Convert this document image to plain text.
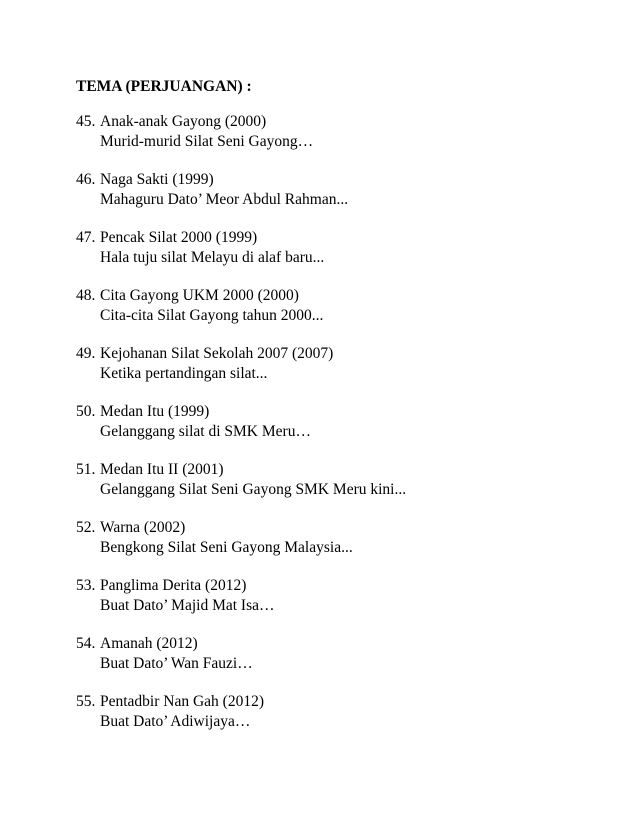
TEMA (PERJUANGAN) :
45. Anak-anak Gayong (2000)
Murid-murid Silat Seni Gayong…
46. Naga Sakti (1999)
Mahaguru Dato’ Meor Abdul Rahman...
47. Pencak Silat 2000 (1999)
Hala tuju silat Melayu di alaf baru...
48. Cita Gayong UKM 2000 (2000)
Cita-cita Silat Gayong tahun 2000...
49. Kejohanan Silat Sekolah 2007 (2007)
Ketika pertandingan silat...
50. Medan Itu (1999)
Gelanggang silat di SMK Meru…
51. Medan Itu II (2001)
Gelanggang Silat Seni Gayong SMK Meru kini...
52. Warna (2002)
Bengkong Silat Seni Gayong Malaysia...
53. Panglima Derita (2012)
Buat Dato’ Majid Mat Isa…
54. Amanah (2012)
Buat Dato’ Wan Fauzi…
55. Pentadbir Nan Gah (2012)
Buat Dato’ Adiwijaya…
